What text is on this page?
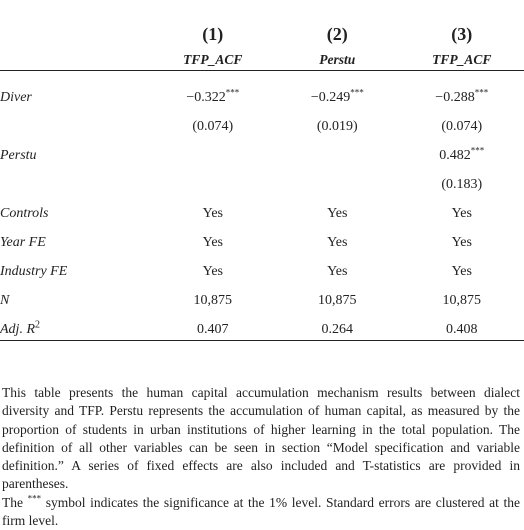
	(1)	(2)	(3)
	TFP_ACF	Perstu	TFP_ACF

Diver	−0.322***	−0.249***	−0.288***
	(0.074)	(0.019)	(0.074)
Perstu			0.482***
			(0.183)
Controls	Yes	Yes	Yes
Year FE	Yes	Yes	Yes
Industry FE	Yes	Yes	Yes
N	10,875	10,875	10,875
Adj. $R^2$	0.407	0.264	0.408

This table presents the human capital accumulation mechanism results between dialect diversity and TFP. Perstu represents the accumulation of human capital, as measured by the proportion of students in urban institutions of higher learning in the total population. The definition of all other variables can be seen in section “Model specification and variable definition.” A series of fixed effects are also included and T-statistics are provided in parentheses.

The *** symbol indicates the significance at the 1% level. Standard errors are clustered at the firm level.
